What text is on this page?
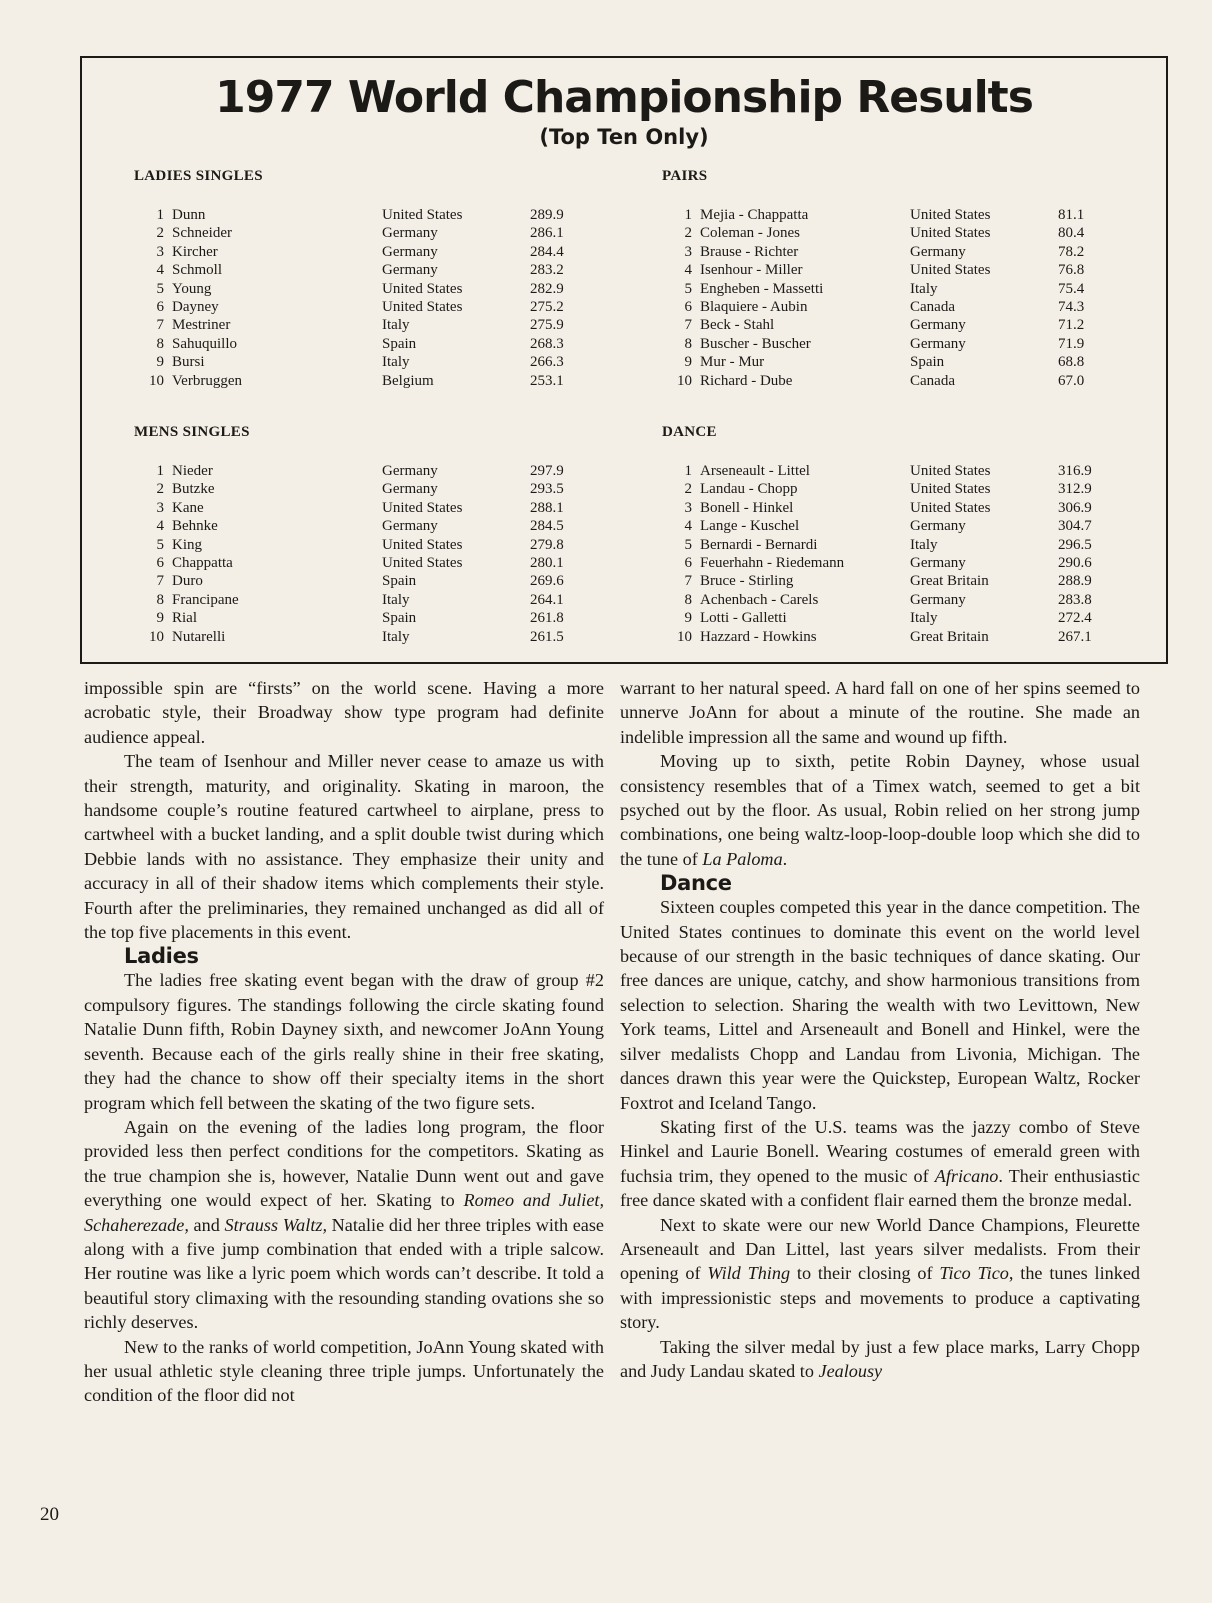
1977 World Championship Results
(Top Ten Only)
LADIES SINGLES
1	Dunn	United States	289.9
2	Schneider	Germany	286.1
3	Kircher	Germany	284.4
4	Schmoll	Germany	283.2
5	Young	United States	282.9
6	Dayney	United States	275.2
7	Mestriner	Italy	275.9
8	Sahuquillo	Spain	268.3
9	Bursi	Italy	266.3
10	Verbruggen	Belgium	253.1
PAIRS
1	Mejia - Chappatta	United States	81.1
2	Coleman - Jones	United States	80.4
3	Brause - Richter	Germany	78.2
4	Isenhour - Miller	United States	76.8
5	Engheben - Massetti	Italy	75.4
6	Blaquiere - Aubin	Canada	74.3
7	Beck - Stahl	Germany	71.2
8	Buscher - Buscher	Germany	71.9
9	Mur - Mur	Spain	68.8
10	Richard - Dube	Canada	67.0
MENS SINGLES
1	Nieder	Germany	297.9
2	Butzke	Germany	293.5
3	Kane	United States	288.1
4	Behnke	Germany	284.5
5	King	United States	279.8
6	Chappatta	United States	280.1
7	Duro	Spain	269.6
8	Francipane	Italy	264.1
9	Rial	Spain	261.8
10	Nutarelli	Italy	261.5
DANCE
1	Arseneault - Littel	United States	316.9
2	Landau - Chopp	United States	312.9
3	Bonell - Hinkel	United States	306.9
4	Lange - Kuschel	Germany	304.7
5	Bernardi - Bernardi	Italy	296.5
6	Feuerhahn - Riedemann	Germany	290.6
7	Bruce - Stirling	Great Britain	288.9
8	Achenbach - Carels	Germany	283.8
9	Lotti - Galletti	Italy	272.4
10	Hazzard - Howkins	Great Britain	267.1

impossible spin are “firsts” on the world scene. Having a more acrobatic style, their Broadway show type program had definite audience appeal.

The team of Isenhour and Miller never cease to amaze us with their strength, maturity, and originality. Skating in maroon, the handsome couple’s routine featured cartwheel to airplane, press to cartwheel with a bucket landing, and a split double twist during which Debbie lands with no assistance. They emphasize their unity and accuracy in all of their shadow items which complements their style. Fourth after the preliminaries, they remained unchanged as did all of the top five placements in this event.

Ladies

The ladies free skating event began with the draw of group #2 compulsory figures. The standings following the circle skating found Natalie Dunn fifth, Robin Dayney sixth, and newcomer JoAnn Young seventh. Because each of the girls really shine in their free skating, they had the chance to show off their specialty items in the short program which fell between the skating of the two figure sets.

Again on the evening of the ladies long program, the floor provided less then perfect conditions for the competitors. Skating as the true champion she is, however, Natalie Dunn went out and gave everything one would expect of her. Skating to Romeo and Juliet, Schaherezade, and Strauss Waltz, Natalie did her three triples with ease along with a five jump combination that ended with a triple salcow. Her routine was like a lyric poem which words can’t describe. It told a beautiful story climaxing with the resounding standing ovations she so richly deserves.

New to the ranks of world competition, JoAnn Young skated with her usual athletic style cleaning three triple jumps. Unfortunately the condition of the floor did not

warrant to her natural speed. A hard fall on one of her spins seemed to unnerve JoAnn for about a minute of the routine. She made an indelible impression all the same and wound up fifth.

Moving up to sixth, petite Robin Dayney, whose usual consistency resembles that of a Timex watch, seemed to get a bit psyched out by the floor. As usual, Robin relied on her strong jump combinations, one being waltz-loop-loop-double loop which she did to the tune of La Paloma.

Dance

Sixteen couples competed this year in the dance competition. The United States continues to dominate this event on the world level because of our strength in the basic techniques of dance skating. Our free dances are unique, catchy, and show harmonious transitions from selection to selection. Sharing the wealth with two Levittown, New York teams, Littel and Arseneault and Bonell and Hinkel, were the silver medalists Chopp and Landau from Livonia, Michigan. The dances drawn this year were the Quickstep, European Waltz, Rocker Foxtrot and Iceland Tango.

Skating first of the U.S. teams was the jazzy combo of Steve Hinkel and Laurie Bonell. Wearing costumes of emerald green with fuchsia trim, they opened to the music of Africano. Their enthusiastic free dance skated with a confident flair earned them the bronze medal.

Next to skate were our new World Dance Champions, Fleurette Arseneault and Dan Littel, last years silver medalists. From their opening of Wild Thing to their closing of Tico Tico, the tunes linked with impressionistic steps and movements to produce a captivating story.

Taking the silver medal by just a few place marks, Larry Chopp and Judy Landau skated to Jealousy

20
